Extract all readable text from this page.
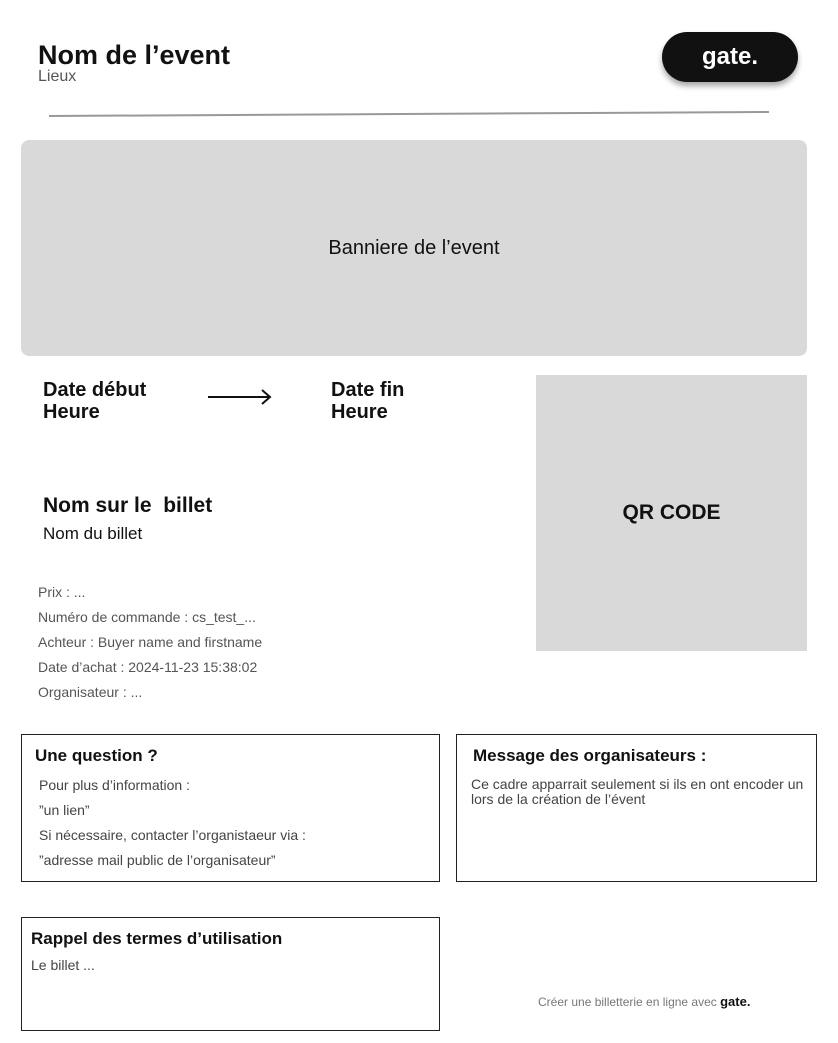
Nom de l’event
Lieux
gate.
Banniere de l’event
Date début
Heure
Date fin
Heure
QR CODE
Nom sur le  billet
Nom du billet
Prix : ...
Numéro de commande : cs_test_...
Achteur : Buyer name and firstname
Date d’achat : 2024-11-23 15:38:02
Organisateur : ...
Une question ?
Pour plus d’information :
”un lien”
Si nécessaire, contacter l’organistaeur via :
”adresse mail public de l’organisateur”
Message des organisateurs :
Ce cadre apparrait seulement si ils en ont encoder un lors de la création de l’évent
Rappel des termes d’utilisation
Le billet ...
Créer une billetterie en ligne avec gate.
